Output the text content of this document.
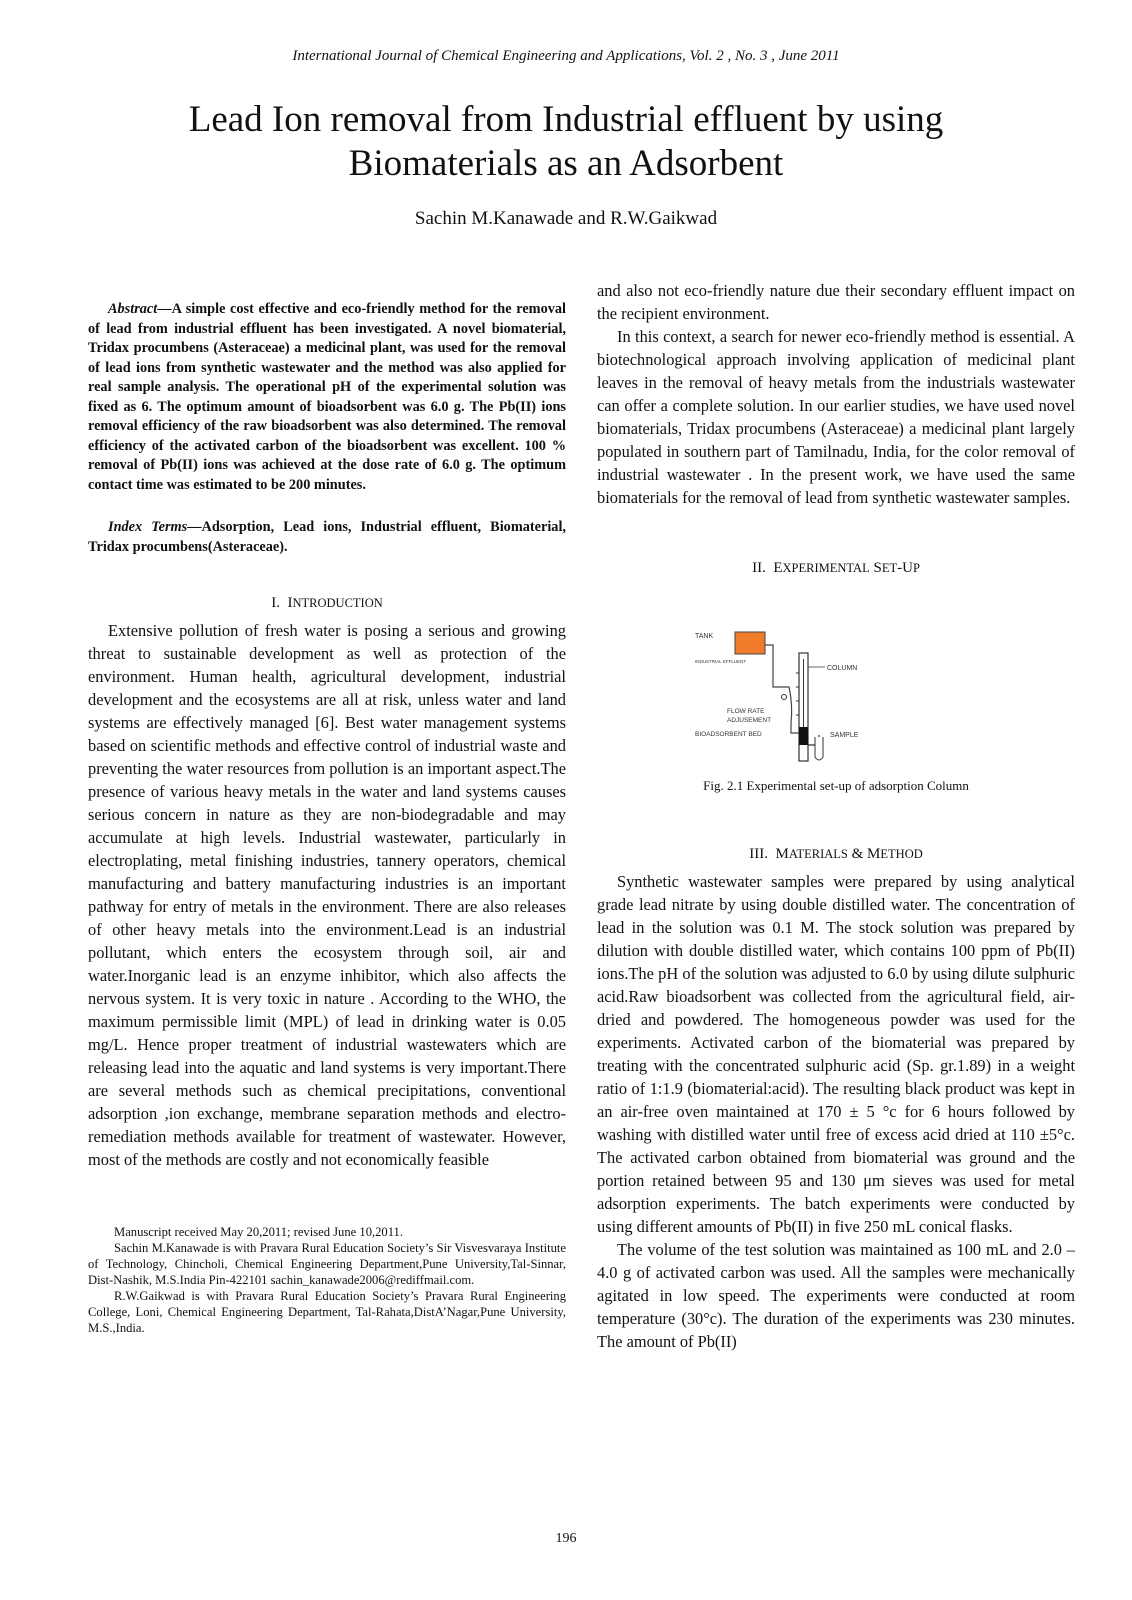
International Journal of Chemical Engineering and Applications, Vol. 2 , No. 3 , June 2011
Lead Ion removal from Industrial effluent by using
Biomaterials as an Adsorbent
Sachin M.Kanawade and R.W.Gaikwad

Abstract—A simple cost effective and eco-friendly method for the removal of lead from industrial effluent has been investigated. A novel biomaterial, Tridax procumbens (Asteraceae) a medicinal plant, was used for the removal of lead ions from synthetic wastewater and the method was also applied for real sample analysis. The operational pH of the experimental solution was fixed as 6. The optimum amount of bioadsorbent was 6.0 g. The Pb(II) ions removal efficiency of the raw bioadsorbent was also determined. The removal efficiency of the activated carbon of the bioadsorbent was excellent. 100 % removal of Pb(II) ions was achieved at the dose rate of 6.0 g. The optimum contact time was estimated to be 200 minutes.

Index Terms—Adsorption, Lead ions, Industrial effluent, Biomaterial, Tridax procumbens(Asteraceae).

I. INTRODUCTION

Extensive pollution of fresh water is posing a serious and growing threat to sustainable development as well as protection of the environment. Human health, agricultural development, industrial development and the ecosystems are all at risk, unless water and land systems are effectively managed [6]. Best water management systems based on scientific methods and effective control of industrial waste and preventing the water resources from pollution is an important aspect.The presence of various heavy metals in the water and land systems causes serious concern in nature as they are non-biodegradable and may accumulate at high levels. Industrial wastewater, particularly in electroplating, metal finishing industries, tannery operators, chemical manufacturing and battery manufacturing industries is an important pathway for entry of metals in the environment. There are also releases of other heavy metals into the environment.Lead is an industrial pollutant, which enters the ecosystem through soil, air and water.Inorganic lead is an enzyme inhibitor, which also affects the nervous system. It is very toxic in nature . According to the WHO, the maximum permissible limit (MPL) of lead in drinking water is 0.05 mg/L. Hence proper treatment of industrial wastewaters which are releasing lead into the aquatic and land systems is very important.There are several methods such as chemical precipitations, conventional adsorption ,ion exchange, membrane separation methods and electro-remediation methods available for treatment of wastewater. However, most of the methods are costly and not economically feasible

Manuscript received May 20,2011; revised June 10,2011.

Sachin M.Kanawade is with Pravara Rural Education Society’s Sir Visvesvaraya Institute of Technology, Chincholi, Chemical Engineering Department,Pune University,Tal-Sinnar, Dist-Nashik, M.S.India Pin-422101 sachin_kanawade2006@rediffmail.com.

R.W.Gaikwad is with Pravara Rural Education Society’s Pravara Rural Engineering College, Loni, Chemical Engineering Department, Tal-Rahata,DistA’Nagar,Pune University, M.S.,India.

and also not eco-friendly nature due their secondary effluent impact on the recipient environment.

In this context, a search for newer eco-friendly method is essential. A biotechnological approach involving application of medicinal plant leaves in the removal of heavy metals from the industrials wastewater can offer a complete solution. In our earlier studies, we have used novel biomaterials, Tridax procumbens (Asteraceae) a medicinal plant largely populated in southern part of Tamilnadu, India, for the color removal of industrial wastewater . In the present work, we have used the same biomaterials for the removal of lead from synthetic wastewater samples.

II. EXPERIMENTAL SET-UP

TANK
INDUSTRIAL EFFLUENT
COLUMN
SAMPLE
FLOW RATE
ADJUSEMENT
BIOADSORBENT BED

Fig. 2.1 Experimental set-up of adsorption Column

III. MATERIALS & METHOD

Synthetic wastewater samples were prepared by using analytical grade lead nitrate by using double distilled water. The concentration of lead in the solution was 0.1 M. The stock solution was prepared by dilution with double distilled water, which contains 100 ppm of Pb(II) ions.The pH of the solution was adjusted to 6.0 by using dilute sulphuric acid.Raw bioadsorbent was collected from the agricultural field, air-dried and powdered. The homogeneous powder was used for the experiments. Activated carbon of the biomaterial was prepared by treating with the concentrated sulphuric acid (Sp. gr.1.89) in a weight ratio of 1:1.9 (biomaterial:acid). The resulting black product was kept in an air-free oven maintained at 170 ± 5 °c for 6 hours followed by washing with distilled water until free of excess acid dried at 110 ±5°c. The activated carbon obtained from biomaterial was ground and the portion retained between 95 and 130 μm sieves was used for metal adsorption experiments. The batch experiments were conducted by using different amounts of Pb(II) in five 250 mL conical flasks.

The volume of the test solution was maintained as 100 mL and 2.0 – 4.0 g of activated carbon was used. All the samples were mechanically agitated in low speed. The experiments were conducted at room temperature (30°c). The duration of the experiments was 230 minutes. The amount of Pb(II)

196
